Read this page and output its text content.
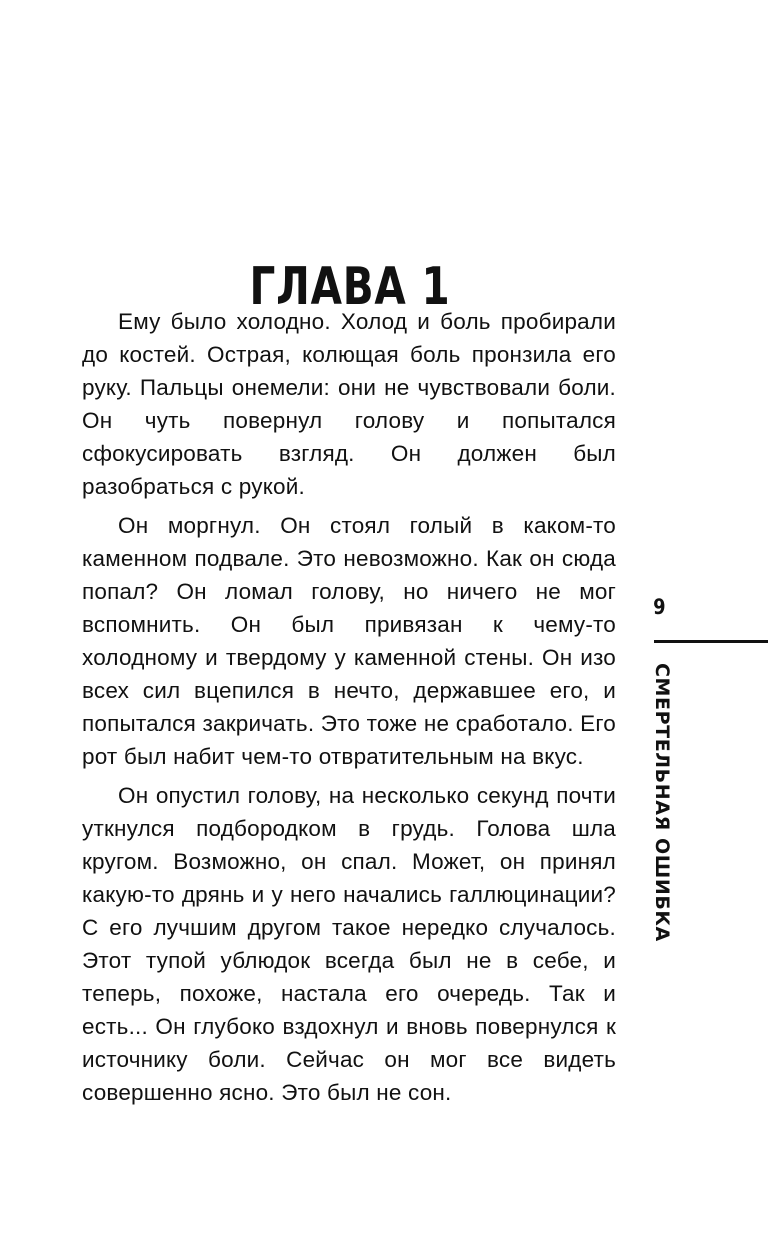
ГЛАВА 1

Ему было холодно. Холод и боль пробирали до костей. Острая, колющая боль пронзила его руку. Пальцы онемели: они не чувствовали боли. Он чуть повернул голову и попытался сфокусировать взгляд. Он должен был разобраться с рукой.

Он моргнул. Он стоял голый в каком-то каменном подвале. Это невозможно. Как он сюда попал? Он ломал голову, но ничего не мог вспомнить. Он был привязан к чему-то холодному и твердому у каменной стены. Он изо всех сил вцепился в нечто, державшее его, и попытался закричать. Это тоже не сработало. Его рот был набит чем-то отвратительным на вкус.

Он опустил голову, на несколько секунд почти уткнулся подбородком в грудь. Голова шла кругом. Возможно, он спал. Может, он принял какую-то дрянь и у него начались галлюцинации? С его лучшим другом такое нередко случалось. Этот тупой ублюдок всегда был не в себе, и теперь, похоже, настала его очередь. Так и есть... Он глубоко вздохнул и вновь повернулся к источнику боли. Сейчас он мог все видеть совершенно ясно. Это был не сон.

9
СМЕРТЕЛЬНАЯ ОШИБКА
